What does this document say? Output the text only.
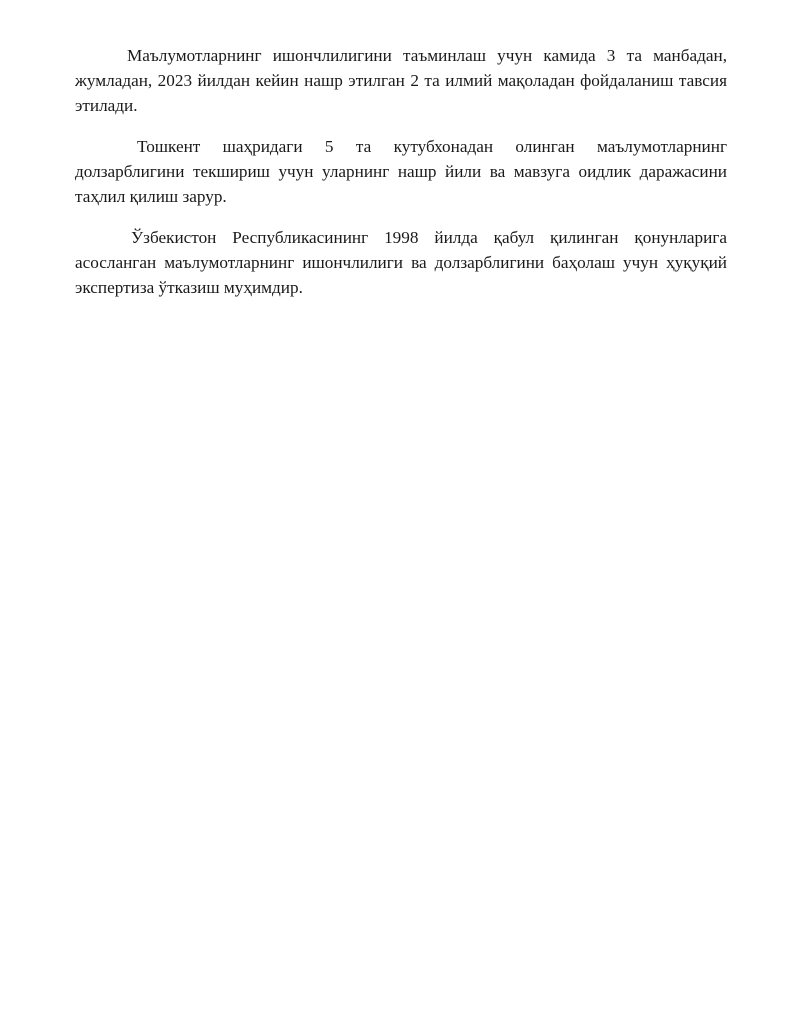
Маълумотларнинг ишончлилигини таъминлаш учун камида 3 та манбадан, жумладан, 2023 йилдан кейин нашр этилган 2 та илмий мақоладан фойдаланиш тавсия этилади.

Тошкент шаҳридаги 5 та кутубхонадан олинган маълумотларнинг долзарблигини текшириш учун уларнинг нашр йили ва мавзуга оидлик даражасини таҳлил қилиш зарур.

Ўзбекистон Республикасининг 1998 йилда қабул қилинган қонунларига асосланган маълумотларнинг ишончлилиги ва долзарблигини баҳолаш учун ҳуқуқий экспертиза ўтказиш муҳимдир.
